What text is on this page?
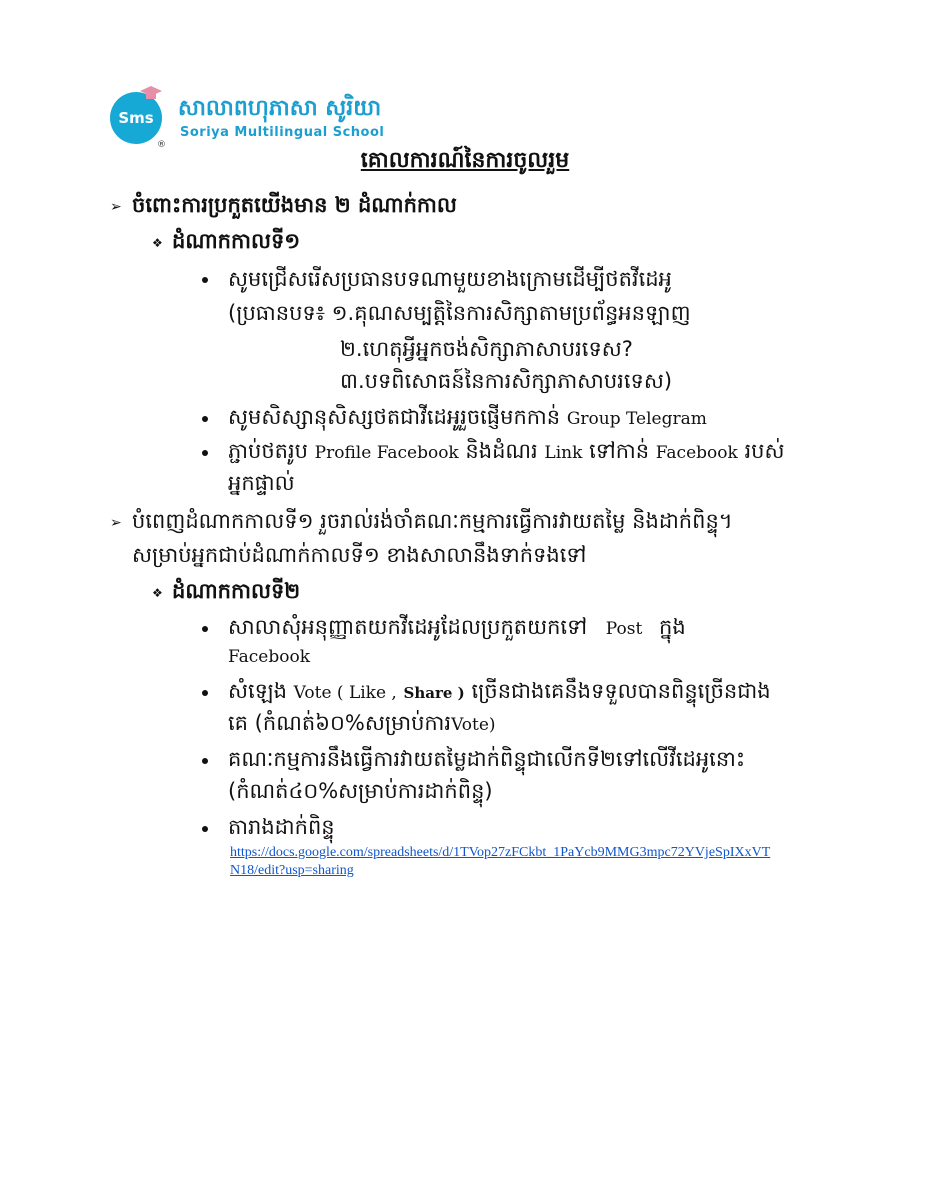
Sms
®
សាលាពហុភាសា សូរិយា
Soriya Multilingual School
គោលការណ៍នៃការចូលរួម
➢ ចំពោះការប្រកួតយើងមាន ២ ដំណាក់កាល
❖ ដំណាកកាលទី១
សូមជ្រើសរើសប្រធានបទណាមួយខាងក្រោមដើម្បីថតវីដេអូ
(ប្រធានបទ៖ ១.គុណសម្បត្តិនៃការសិក្សាតាមប្រព័ន្ធអនឡាញ
២.ហេតុអ្វីអ្នកចង់សិក្សាភាសាបរទេស?
៣.បទពិសោធន៍នៃការសិក្សាភាសាបរទេស)
សូមសិស្សានុសិស្សថតជាវីដេអូរួចផ្ញើមកកាន់ Group Telegram
ភ្ជាប់ថតរូប Profile Facebook និងដំណរ Link ទៅកាន់ Facebook របស់
អ្នកផ្ទាល់
➢ បំពេញដំណាកកាលទី១ រួចរាល់រង់ចាំគណៈកម្មការធ្វើការវាយតម្លៃ និងដាក់ពិន្ទុ។
សម្រាប់អ្នកជាប់ដំណាក់កាលទី១ ខាងសាលានឹងទាក់ទងទៅ
❖ ដំណាកកាលទី២
សាលាសុំអនុញ្ញាតយកវីដេអូដែលប្រកួតយកទៅ Post ក្នុង
Facebook
សំឡេង Vote ( Like , Share ) ច្រើនជាងគេនឹងទទួលបានពិន្ទុច្រើនជាង
គេ (កំណត់៦០%សម្រាប់ការVote)
គណៈកម្មការនឹងធ្វើការវាយតម្លៃដាក់ពិន្ទុជាលើកទី២ទៅលើវីដេអូនោះ
(កំណត់៤០%សម្រាប់ការដាក់ពិន្ទុ)
តារាងដាក់ពិន្ទុ
https://docs.google.com/spreadsheets/d/1TVop27zFCkbt_1PaYcb9MMG3mpc72YVjeSpIXxVT
N18/edit?usp=sharing
